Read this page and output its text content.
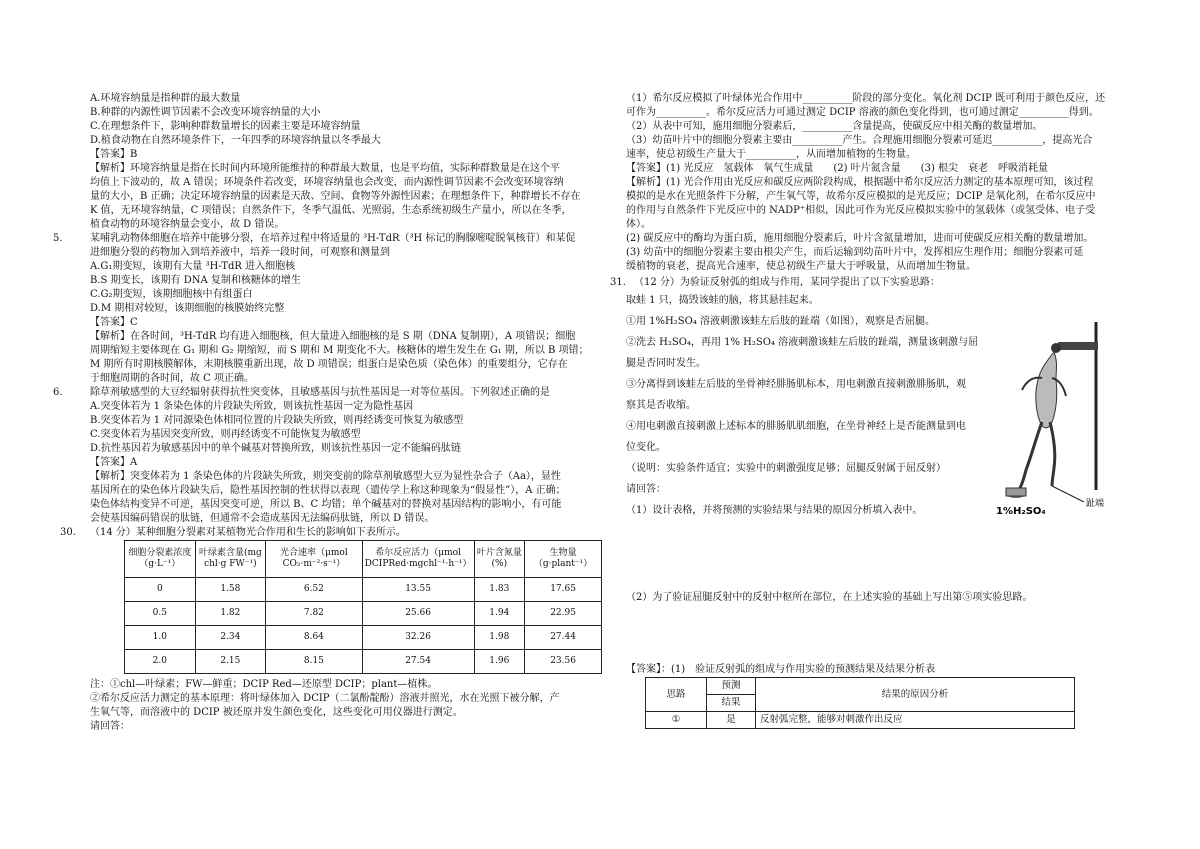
A.环境容纳量是指种群的最大数量
B.种群的内源性调节因素不会改变环境容纳量的大小
C.在理想条件下，影响种群数量增长的因素主要是环境容纳量
D.植食动物在自然环境条件下，一年四季的环境容纳量以冬季最大
【答案】B
【解析】环境容纳量是指在长时间内环境所能维持的种群最大数量，也是平均值，实际种群数量是在这个平
均值上下波动的，故 A 错误；环境条件若改变，环境容纳量也会改变，而内源性调节因素不会改变环境容纳
量的大小，B 正确；决定环境容纳量的因素是天敌、空间、食物等外源性因素；在理想条件下，种群增长不存在
K 值，无环境容纳量，C 项错误；自然条件下，冬季气温低、光照弱，生态系统初级生产量小，所以在冬季，
植食动物的环境容纳量会变小，故 D 错误。
5.	某哺乳动物体细胞在培养中能够分裂，在培养过程中将适量的 ³H-TdR（³H 标记的胸腺嘧啶脱氧核苷）和某促
进细胞分裂的药物加入到培养液中，培养一段时间，可观察和测量到
A.G₁期变短，该期有大量 ³H-TdR 进入细胞核
B.S 期变长，该期有 DNA 复制和核糖体的增生
C.G₂期变短，该期细胞核中有组蛋白
D.M 期相对较短，该期细胞的核膜始终完整
【答案】C
【解析】在各时间，³H-TdR 均有进入细胞核，但大量进入细胞核的是 S 期（DNA 复制期），A 项错误；细胞
周期缩短主要体现在 G₁ 期和 G₂ 期缩短，而 S 期和 M 期变化不大。核糖体的增生发生在 G₁ 期，所以 B 项错；
M 期所有时期核膜解体，末期核膜重新出现，故 D 项错误；组蛋白是染色质（染色体）的重要组分，它存在
于细胞周期的各时间，故 C 项正确。
6.	除草剂敏感型的大豆经辐射获得抗性突变体，且敏感基因与抗性基因是一对等位基因。下列叙述正确的是
A.突变体若为 1 条染色体的片段缺失所致，则该抗性基因一定为隐性基因
B.突变体若为 1 对同源染色体相同位置的片段缺失所致，则再经诱变可恢复为敏感型
C.突变体若为基因突变所致，则再经诱变不可能恢复为敏感型
D.抗性基因若为敏感基因中的单个碱基对替换所致，则该抗性基因一定不能编码肽链
【答案】A
【解析】突变体若为 1 条染色体的片段缺失所致，则突变前的除草剂敏感型大豆为显性杂合子（Aa），显性
基因所在的染色体片段缺失后，隐性基因控制的性状得以表现（遗传学上称这种现象为“假显性”），A 正确；
染色体结构变异不可逆，基因突变可逆，所以 B、C 均错；单个碱基对的替换对基因结构的影响小，有可能
会使基因编码错误的肽链，但通常不会造成基因无法编码肽链，所以 D 错误。
30. （14 分）某种细胞分裂素对某植物光合作用和生长的影响如下表所示。
细胞分裂素浓度（g·L⁻¹）	叶绿素含量(mg chl·g FW⁻¹)	光合速率（μmol CO₂·m⁻²·s⁻¹）	希尔反应活力（μmol DCIPRed·mgchl⁻¹·h⁻¹）	叶片含氮量(%)	生物量（g·plant⁻¹）
0	1.58	6.52	13.55	1.83	17.65
0.5	1.82	7.82	25.66	1.94	22.95
1.0	2.34	8.64	32.26	1.98	27.44
2.0	2.15	8.15	27.54	1.96	23.56
注：①chl—叶绿素；FW—鲜重；DCIP Red—还原型 DCIP；plant—植株。
②希尔反应活力测定的基本原理：将叶绿体加入 DCIP（二氯酚靛酚）溶液并照光，水在光照下被分解，产
生氧气等，而溶液中的 DCIP 被还原并发生颜色变化，这些变化可用仪器进行测定。
请回答：
（1）希尔反应模拟了叶绿体光合作用中__________阶段的部分变化。氧化剂 DCIP 既可利用于颜色反应，还
可作为__________。希尔反应活力可通过测定 DCIP 溶液的颜色变化得到，也可通过测定__________得到。
（2）从表中可知，施用细胞分裂素后，__________含量提高，使碳反应中相关酶的数量增加。
（3）幼苗叶片中的细胞分裂素主要由__________产生。合理施用细胞分裂素可延迟__________，提高光合
速率，使总初级生产量大于__________，从而增加植物的生物量。
【答案】(1) 光反应　氢载体　氧气生成量　　(2) 叶片氮含量　　(3) 根尖　衰老　呼吸消耗量
【解析】(1) 光合作用由光反应和碳反应两阶段构成，根据题中希尔反应活力测定的基本原理可知，该过程
模拟的是水在光照条件下分解，产生氧气等，故希尔反应模拟的是光反应；DCIP 是氧化剂，在希尔反应中
的作用与自然条件下光反应中的 NADP⁺相似，因此可作为光反应模拟实验中的氢载体（或氢受体、电子受
体）。
(2) 碳反应中的酶均为蛋白质，施用细胞分裂素后，叶片含氮量增加，进而可使碳反应相关酶的数量增加。
(3) 幼苗中的细胞分裂素主要由根尖产生，而后运输到幼苗叶片中，发挥相应生理作用；细胞分裂素可延
缓植物的衰老，提高光合速率，使总初级生产量大于呼吸量，从而增加生物量。
31. （12 分）为验证反射弧的组成与作用，某同学提出了以下实验思路：
取蛙 1 只，捣毁该蛙的脑，将其悬挂起来。
①用 1%H₂SO₄ 溶液刺激该蛙左后肢的趾端（如图），观察是否屈腿。
②洗去 H₂SO₄，再用 1% H₂SO₄ 溶液刺激该蛙左后肢的趾端，测量该刺激与屈
腿是否同时发生。
③分离得到该蛙左后肢的坐骨神经腓肠肌标本，用电刺激直接刺激腓肠肌，观
察其是否收缩。
④用电刺激直接刺激上述标本的腓肠肌肌细胞，在坐骨神经上是否能测量到电
位变化。
（说明：实验条件适宜；实验中的刺激强度足够；屈腿反射属于屈反射）
请回答：
（1）设计表格，并将预测的实验结果与结果的原因分析填入表中。
（2）为了验证屈腿反射中的反射中枢所在部位，在上述实验的基础上写出第⑤项实验思路。
【答案】：(1)　验证反射弧的组成与作用实验的预测结果及结果分析表
思路	预测	结果的原因分析
	结果	
①	是	反射弧完整，能够对刺激作出反应
趾端
1%H₂SO₄
